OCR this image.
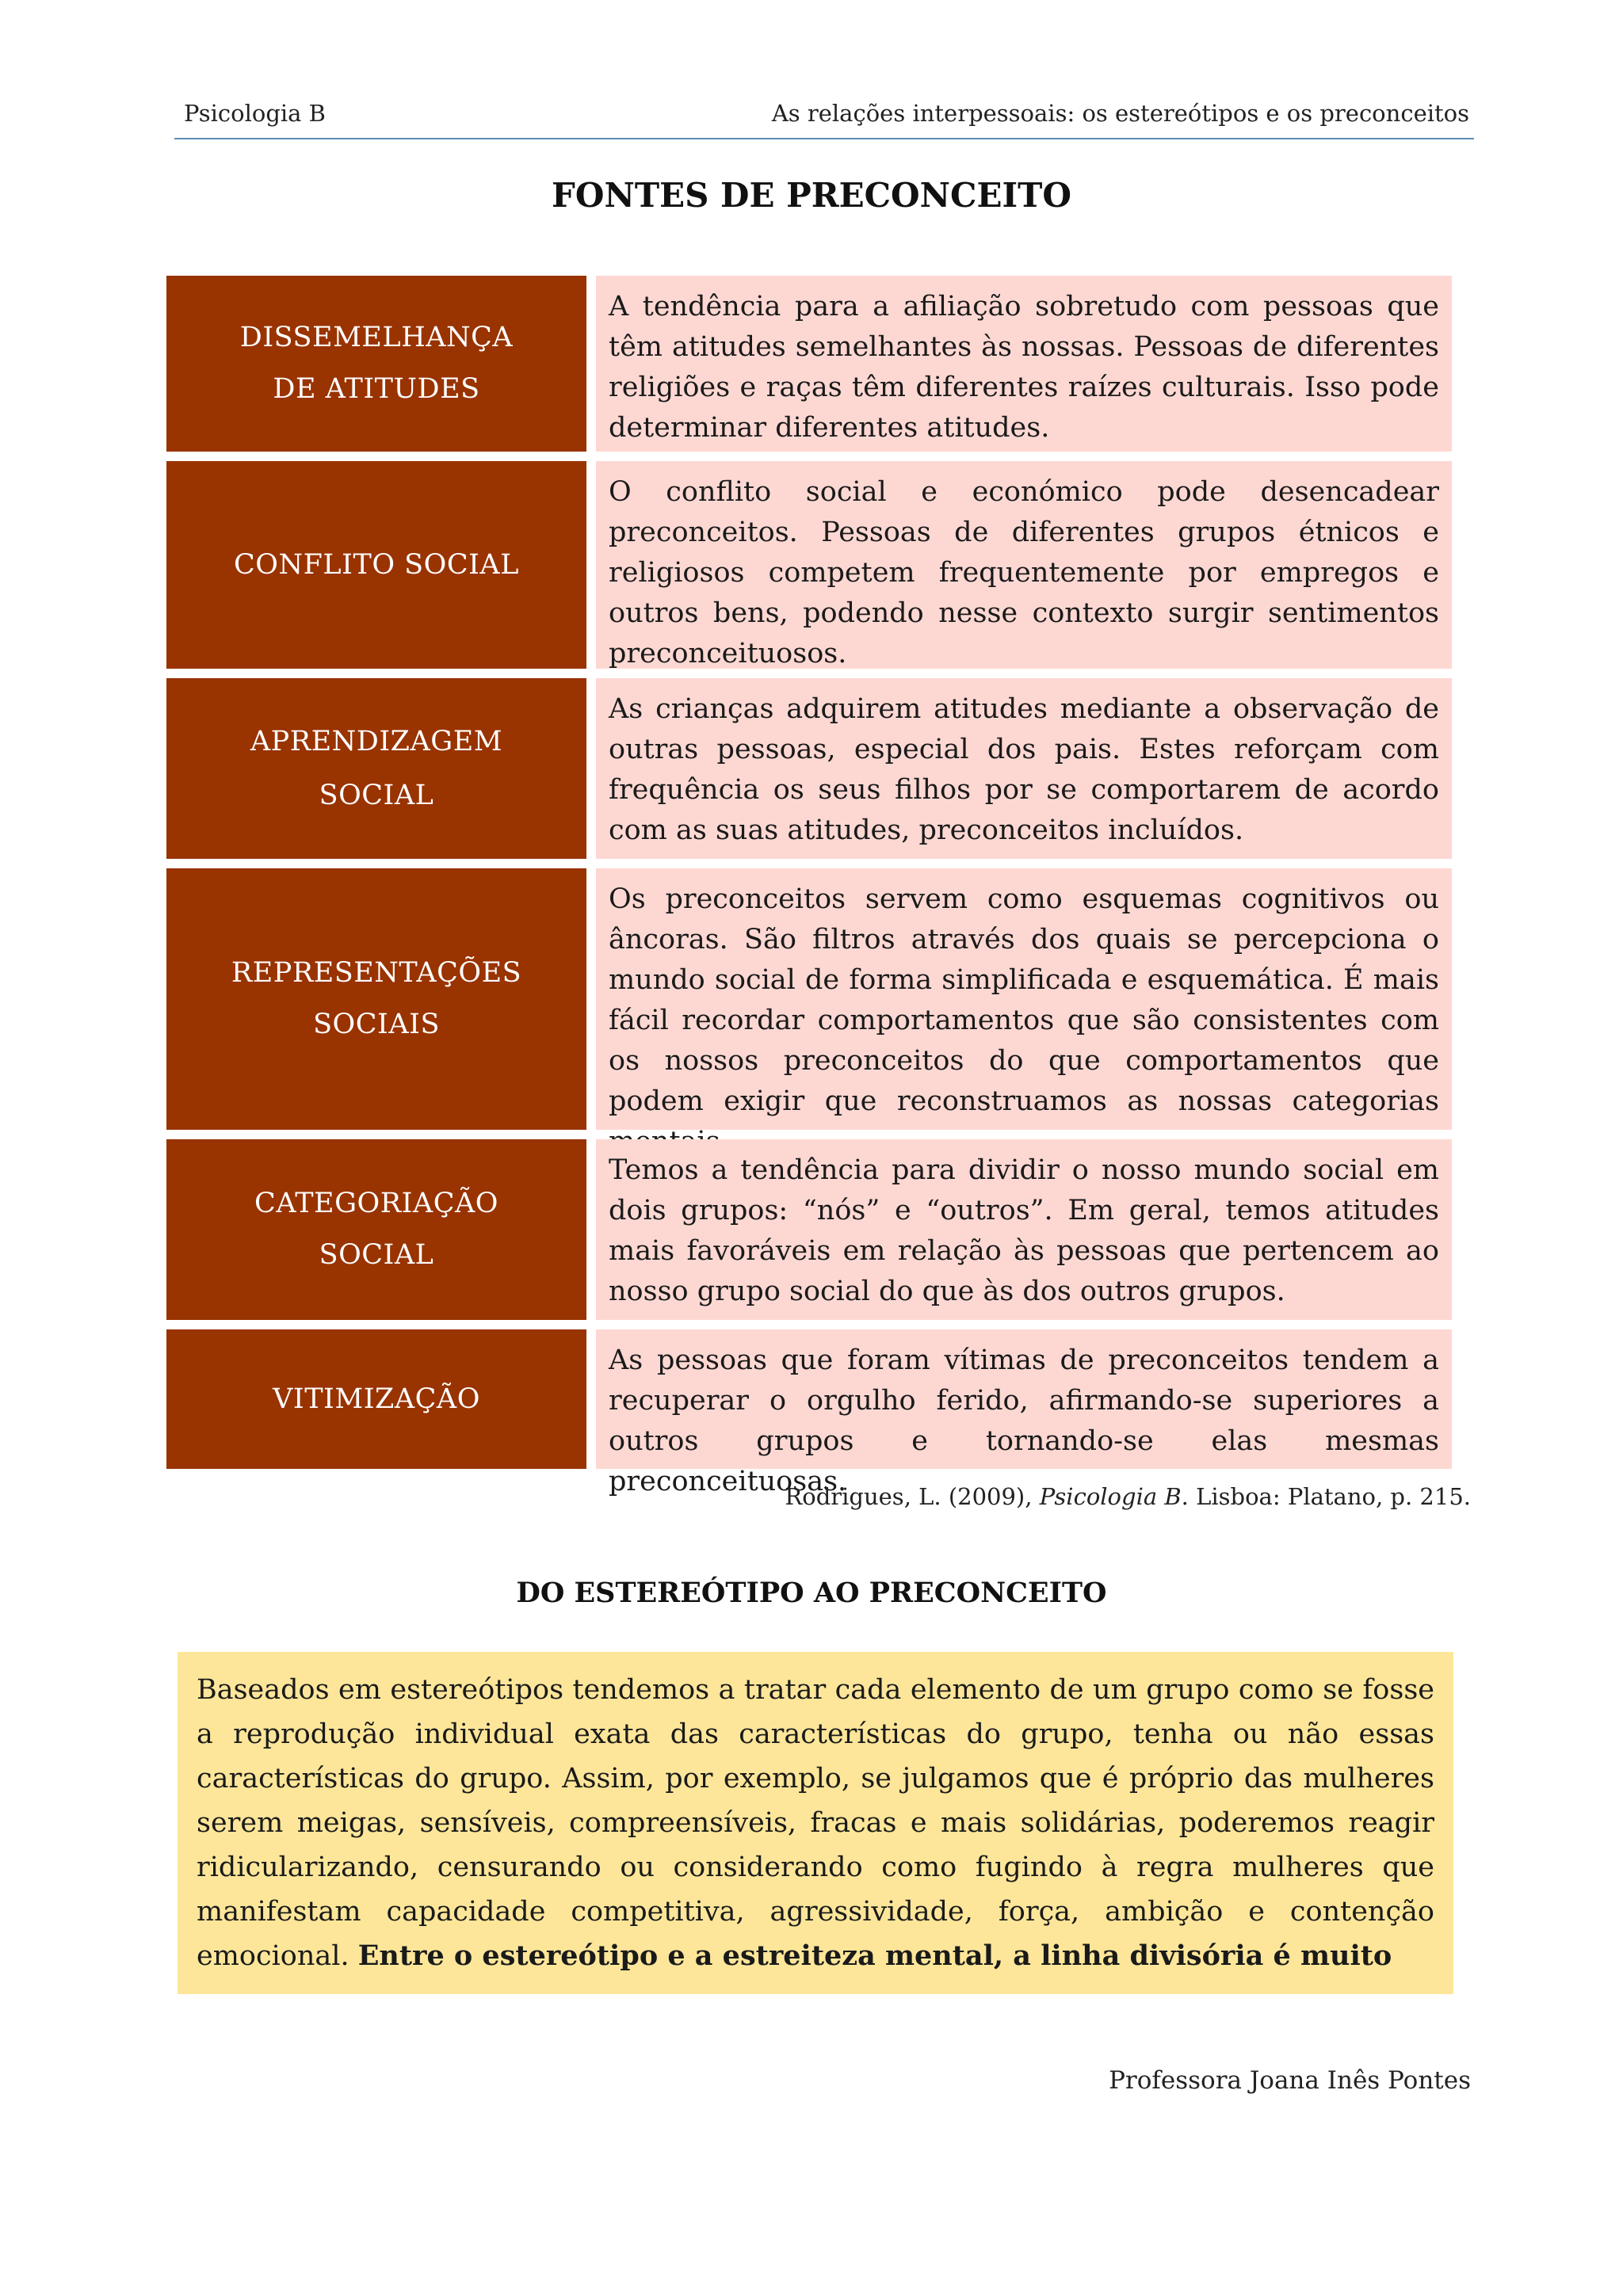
Psicologia B	As relações interpessoais: os estereótipos e os preconceitos
FONTES DE PRECONCEITO
DISSEMELHANÇA
DE ATITUDES
A tendência para a afiliação sobretudo com pessoas que têm atitudes semelhantes às nossas. Pessoas de diferentes religiões e raças têm diferentes raízes culturais. Isso pode determinar diferentes atitudes.
CONFLITO SOCIAL
O conflito social e económico pode desencadear preconceitos. Pessoas de diferentes grupos étnicos e religiosos competem frequentemente por empregos e outros bens, podendo nesse contexto surgir sentimentos preconceituosos.
APRENDIZAGEM
SOCIAL
As crianças adquirem atitudes mediante a observação de outras pessoas, especial dos pais. Estes reforçam com frequência os seus filhos por se comportarem de acordo com as suas atitudes, preconceitos incluídos.
REPRESENTAÇÕES
SOCIAIS
Os preconceitos servem como esquemas cognitivos ou âncoras. São filtros através dos quais se percepciona o mundo social de forma simplificada e esquemática. É mais fácil recordar comportamentos que são consistentes com os nossos preconceitos do que comportamentos que podem exigir que reconstruamos as nossas categorias
CATEGORIAÇÃO
SOCIAL
Temos a tendência para dividir o nosso mundo social em dois grupos: “nós” e “outros”. Em geral, temos atitudes mais favoráveis em relação às pessoas que pertencem ao nosso grupo social do que às dos outros grupos.
VITIMIZAÇÃO
As pessoas que foram vítimas de preconceitos tendem a recuperar o orgulho ferido, afirmando-se superiores a outros grupos e tornando-se elas mesmas preconceituosas.
Rodrigues, L. (2009), Psicologia B. Lisboa: Platano, p. 215.
DO ESTEREÓTIPO AO PRECONCEITO
Baseados em estereótipos tendemos a tratar cada elemento de um grupo como se fosse a reprodução individual exata das características do grupo, tenha ou não essas características do grupo. Assim, por exemplo, se julgamos que é próprio das mulheres serem meigas, sensíveis, compreensíveis, fracas e mais solidárias, poderemos reagir ridicularizando, censurando ou considerando como fugindo à regra mulheres que manifestam capacidade competitiva, agressividade, força, ambição e contenção emocional. Entre o estereótipo e a estreiteza mental, a linha divisória é muito
Professora Joana Inês Pontes
